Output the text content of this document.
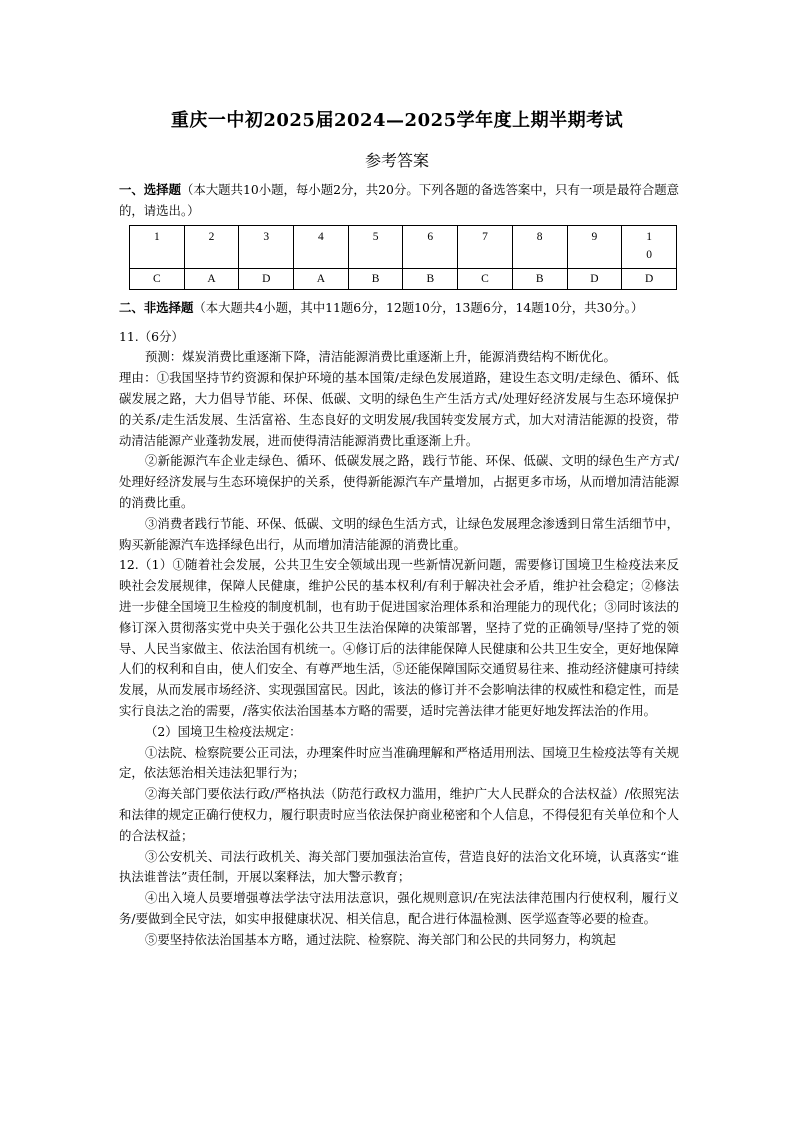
重庆一中初2025届2024—2025学年度上期半期考试
参考答案

一、选择题（本大题共10小题，每小题2分，共20分。下列各题的备选答案中，只有一项是最符合题意的，请选出。）

1	2	3	4	5	6	7	8	9	1
0
C	A	D	A	B	B	C	B	D	D

二、非选择题（本大题共4小题，其中11题6分，12题10分，13题6分，14题10分，共30分。）

11.（6分）

预测：煤炭消费比重逐渐下降，清洁能源消费比重逐渐上升，能源消费结构不断优化。

理由：①我国坚持节约资源和保护环境的基本国策/走绿色发展道路，建设生态文明/走绿色、循环、低碳发展之路，大力倡导节能、环保、低碳、文明的绿色生产生活方式/处理好经济发展与生态环境保护的关系/走生活发展、生活富裕、生态良好的文明发展/我国转变发展方式，加大对清洁能源的投资，带动清洁能源产业蓬勃发展，进而使得清洁能源消费比重逐渐上升。

②新能源汽车企业走绿色、循环、低碳发展之路，践行节能、环保、低碳、文明的绿色生产方式/处理好经济发展与生态环境保护的关系，使得新能源汽车产量增加，占据更多市场，从而增加清洁能源的消费比重。

③消费者践行节能、环保、低碳、文明的绿色生活方式，让绿色发展理念渗透到日常生活细节中，购买新能源汽车选择绿色出行，从而增加清洁能源的消费比重。

12.（1）①随着社会发展，公共卫生安全领域出现一些新情况新问题，需要修订国境卫生检疫法来反映社会发展规律，保障人民健康，维护公民的基本权利/有利于解决社会矛盾，维护社会稳定；②修法进一步健全国境卫生检疫的制度机制，也有助于促进国家治理体系和治理能力的现代化；③同时该法的修订深入贯彻落实党中央关于强化公共卫生法治保障的决策部署，坚持了党的正确领导/坚持了党的领导、人民当家做主、依法治国有机统一。④修订后的法律能保障人民健康和公共卫生安全，更好地保障人们的权利和自由，使人们安全、有尊严地生活，⑤还能保障国际交通贸易往来、推动经济健康可持续发展，从而发展市场经济、实现强国富民。因此，该法的修订并不会影响法律的权威性和稳定性，而是实行良法之治的需要，/落实依法治国基本方略的需要，适时完善法律才能更好地发挥法治的作用。

（2）国境卫生检疫法规定：

①法院、检察院要公正司法，办理案件时应当准确理解和严格适用刑法、国境卫生检疫法等有关规定，依法惩治相关违法犯罪行为；

②海关部门要依法行政/严格执法（防范行政权力滥用，维护广大人民群众的合法权益）/依照宪法和法律的规定正确行使权力，履行职责时应当依法保护商业秘密和个人信息，不得侵犯有关单位和个人的合法权益；

③公安机关、司法行政机关、海关部门要加强法治宣传，营造良好的法治文化环境，认真落实“谁执法谁普法”责任制，开展以案释法，加大警示教育；

④出入境人员要增强尊法学法守法用法意识，强化规则意识/在宪法法律范围内行使权利，履行义务/要做到全民守法，如实申报健康状况、相关信息，配合进行体温检测、医学巡查等必要的检查。

⑤要坚持依法治国基本方略，通过法院、检察院、海关部门和公民的共同努力，构筑起
